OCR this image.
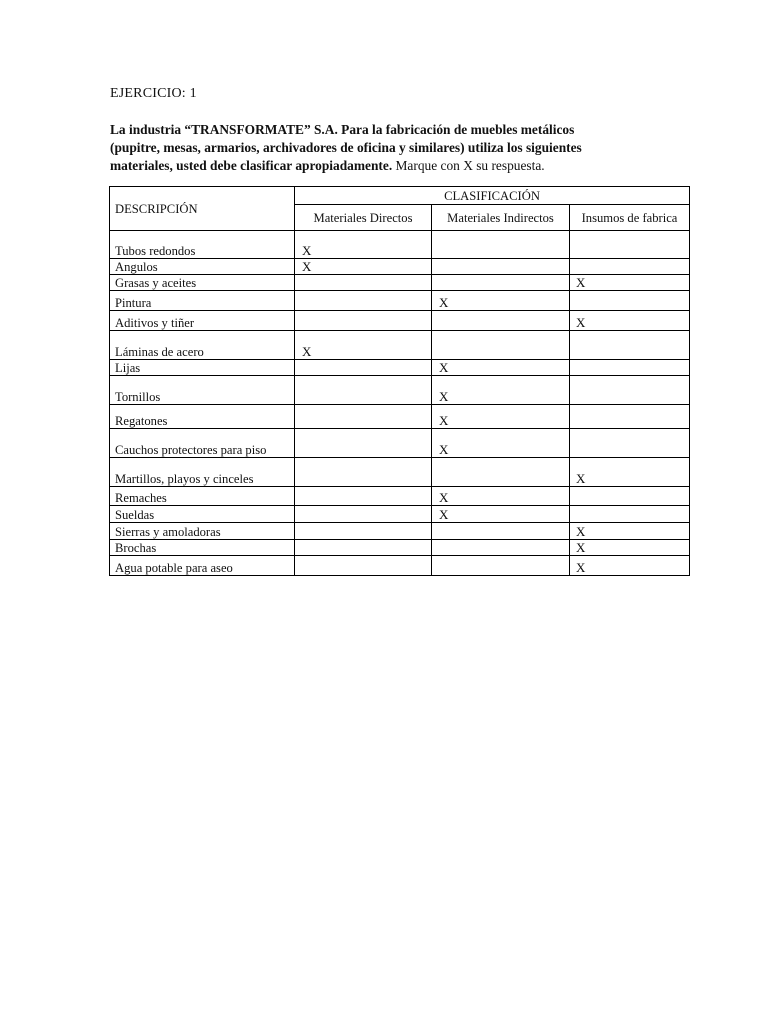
EJERCICIO: 1
La industria “TRANSFORMATE” S.A. Para la fabricación de muebles metálicos
(pupitre, mesas, armarios, archivadores de oficina y similares) utiliza los siguientes
materiales, usted debe clasificar apropiadamente. Marque con X su respuesta.
DESCRIPCIÓN	CLASIFICACIÓN		
	Materiales Directos	Materiales Indirectos	Insumos de fabrica
Tubos redondos	X		
Angulos	X		
Grasas y aceites			X
Pintura		X	
Aditivos y tiñer			X
Láminas de acero	X		
Lijas		X	
Tornillos		X	
Regatones		X	
Cauchos protectores para piso		X	
Martillos, playos y cinceles			X
Remaches		X	
Sueldas		X	
Sierras y amoladoras			X
Brochas			X
Agua potable para aseo			X
